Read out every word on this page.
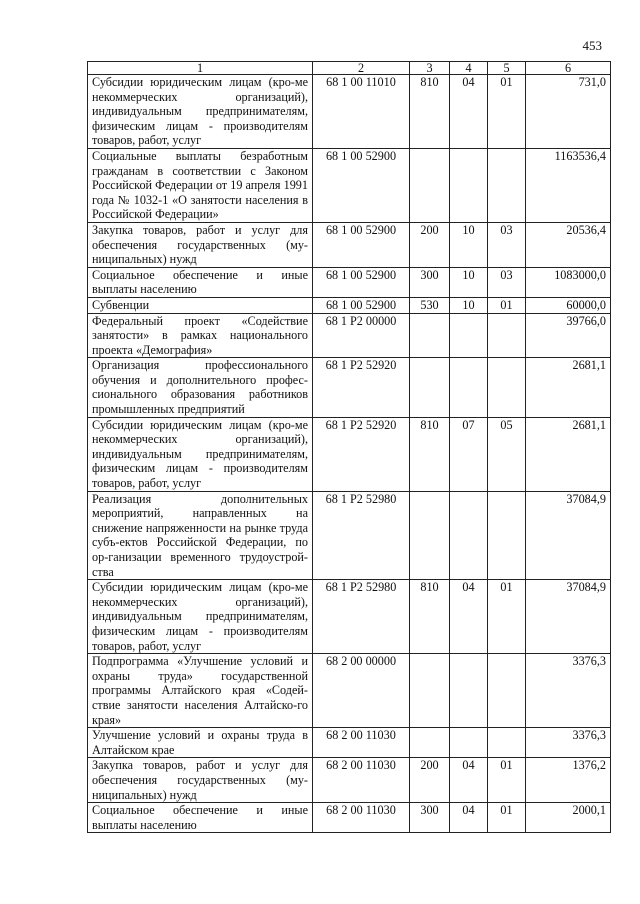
453
1	2	3	4	5	6
Субсидии юридическим лицам (кро-ме некоммерческих организаций), индивидуальным предпринимателям, физическим лицам - производителям товаров, работ, услуг	68 1 00 11010	810	04	01	731,0
Социальные выплаты безработным гражданам в соответствии с Законом Российской Федерации от 19 апреля 1991 года № 1032-1 «О занятости населения в Российской Федерации»	68 1 00 52900				1163536,4
Закупка товаров, работ и услуг для обеспечения государственных (му-ниципальных) нужд	68 1 00 52900	200	10	03	20536,4
Социальное обеспечение и иные выплаты населению	68 1 00 52900	300	10	03	1083000,0
Субвенции	68 1 00 52900	530	10	01	60000,0
Федеральный проект «Содействие занятости» в рамках национального проекта «Демография»	68 1 P2 00000				39766,0
Организация профессионального обучения и дополнительного профес-сионального образования работников промышленных предприятий	68 1 P2 52920				2681,1
Субсидии юридическим лицам (кро-ме некоммерческих организаций), индивидуальным предпринимателям, физическим лицам - производителям товаров, работ, услуг	68 1 P2 52920	810	07	05	2681,1
Реализация дополнительных мероприятий, направленных на снижение напряженности на рынке труда субъ-ектов Российской Федерации, по ор-ганизации временного трудоустрой-ства	68 1 P2 52980				37084,9
Субсидии юридическим лицам (кро-ме некоммерческих организаций), индивидуальным предпринимателям, физическим лицам - производителям товаров, работ, услуг	68 1 P2 52980	810	04	01	37084,9
Подпрограмма «Улучшение условий и охраны труда» государственной программы Алтайского края «Содей-ствие занятости населения Алтайско-го края»	68 2 00 00000				3376,3
Улучшение условий и охраны труда в Алтайском крае	68 2 00 11030				3376,3
Закупка товаров, работ и услуг для обеспечения государственных (му-ниципальных) нужд	68 2 00 11030	200	04	01	1376,2
Социальное обеспечение и иные выплаты населению	68 2 00 11030	300	04	01	2000,1
